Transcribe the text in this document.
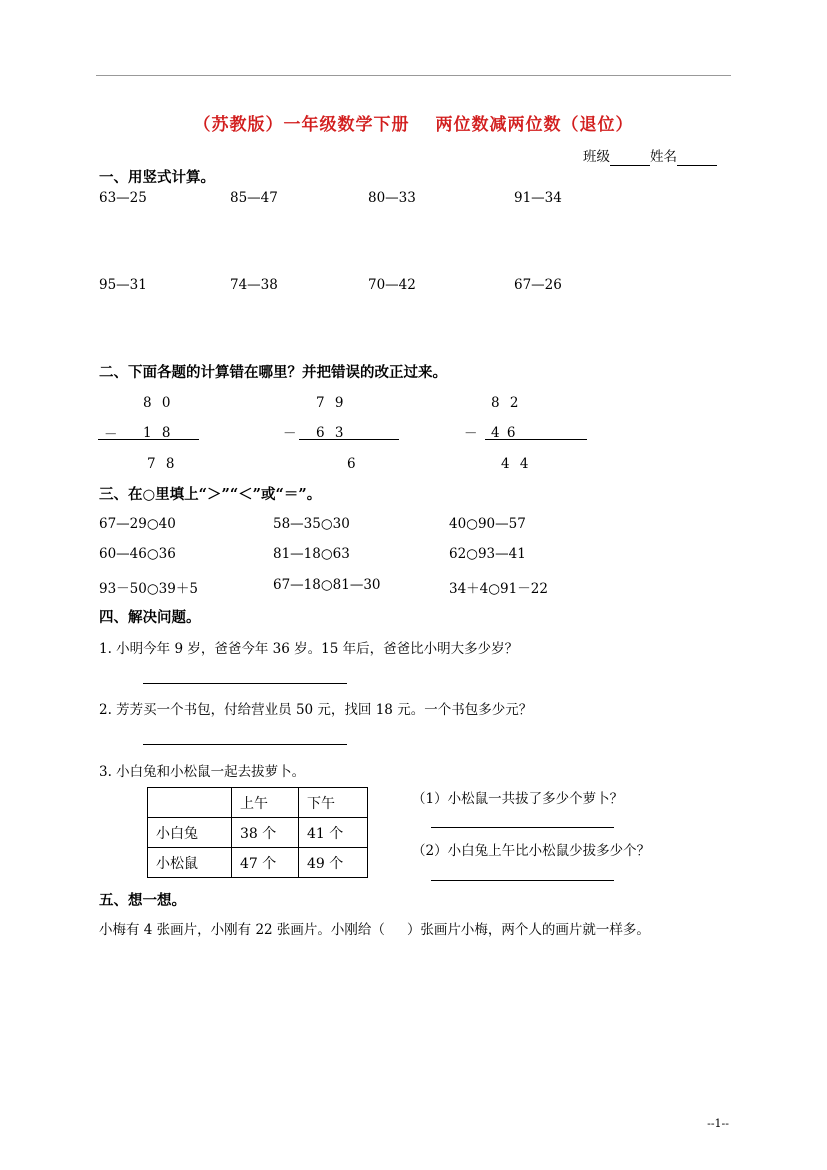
（苏教版）一年级数学下册 两位数减两位数（退位）
班级	姓名
一、用竖式计算。
63—25	85—47	80—33	91—34
95—31	74—38	70—42	67—26
二、下面各题的计算错在哪里？并把错误的改正过来。
8 0
－ 1 8
7 8
7 9
－ 6 3
6
8 2
－ 4 6
4 4
三、在○里填上“＞”“＜”或“＝”。
67—29○40	58—35○30	40○90—57
60—46○36	81—18○63	62○93—41
93－50○39＋5	67—18○81—30	34＋4○91－22
四、解决问题。
1. 小明今年 9 岁，爸爸今年 36 岁。15 年后，爸爸比小明大多少岁？
2. 芳芳买一个书包，付给营业员 50 元，找回 18 元。一个书包多少元？
3. 小白兔和小松鼠一起去拔萝卜。
	上午	下午
小白兔	38 个	41 个
小松鼠	47 个	49 个
（1）小松鼠一共拔了多少个萝卜？
（2）小白兔上午比小松鼠少拔多少个？
五、想一想。
小梅有 4 张画片，小刚有 22 张画片。小刚给（ ）张画片小梅，两个人的画片就一样多。
--1--
